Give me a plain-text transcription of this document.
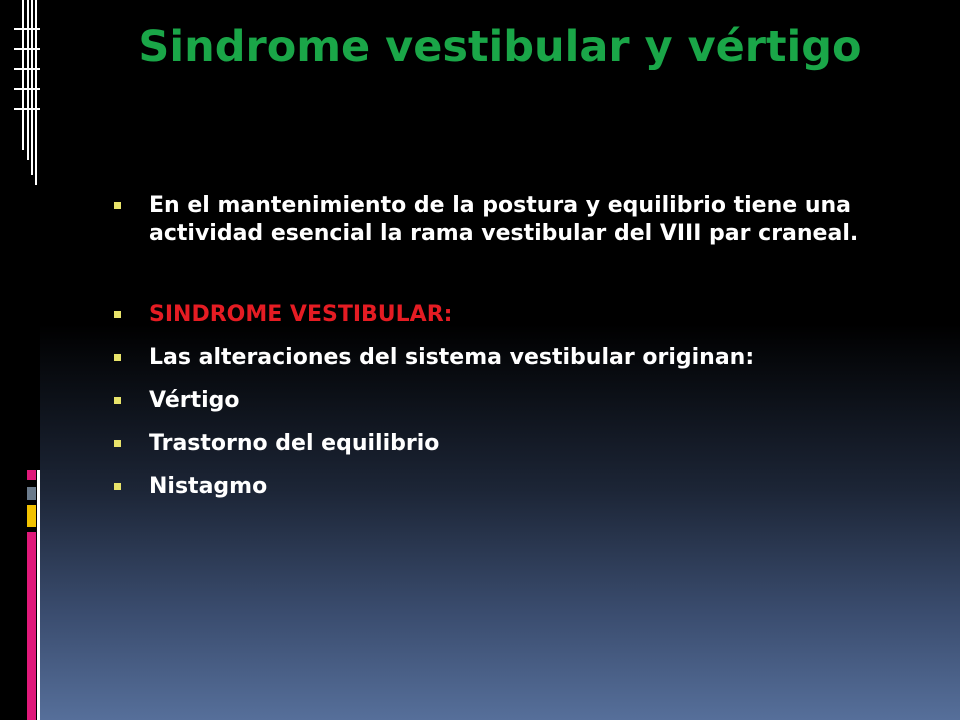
Sindrome vestibular y vértigo
En el mantenimiento de la postura y equilibrio tiene una actividad esencial la rama vestibular del VIII par craneal.
SINDROME VESTIBULAR:
Las alteraciones del sistema vestibular originan:
Vértigo
Trastorno del equilibrio
Nistagmo
